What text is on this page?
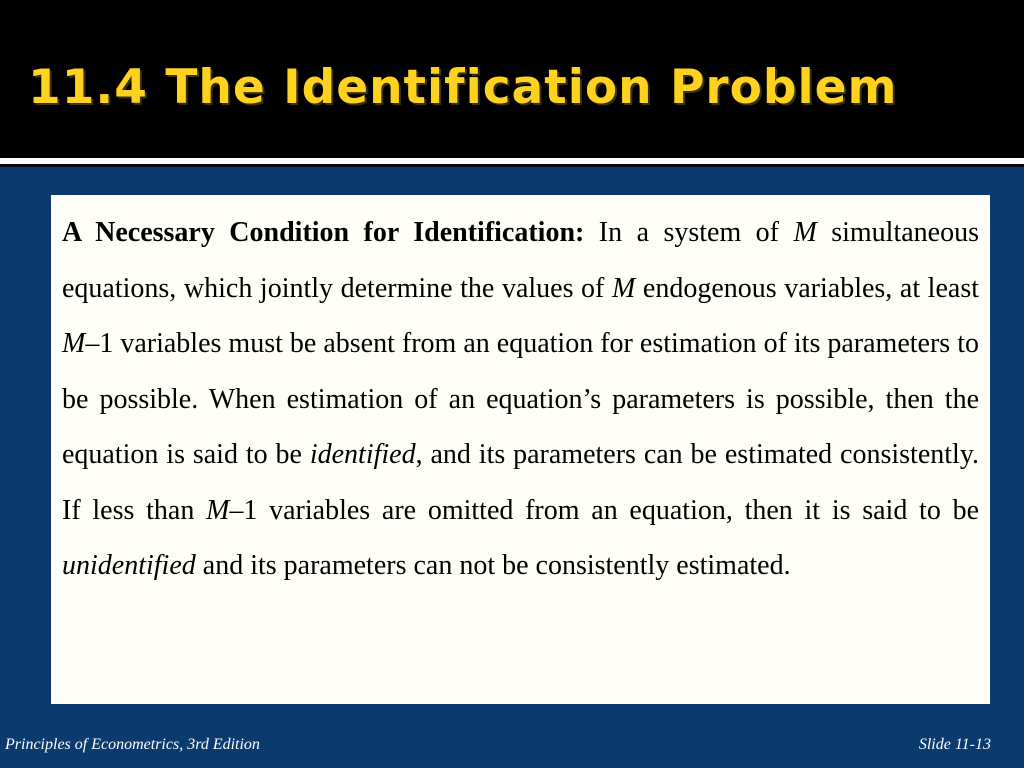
11.4 The Identification Problem

A Necessary Condition for Identification: In a system of M simultaneous equations, which jointly determine the values of M endogenous variables, at least M–1 variables must be absent from an equation for estimation of its parameters to be possible. When estimation of an equation’s parameters is possible, then the equation is said to be identified, and its parameters can be estimated consistently. If less than M–1 variables are omitted from an equation, then it is said to be unidentified and its parameters can not be consistently estimated.

Principles of Econometrics, 3rd Edition	Slide 11-13
